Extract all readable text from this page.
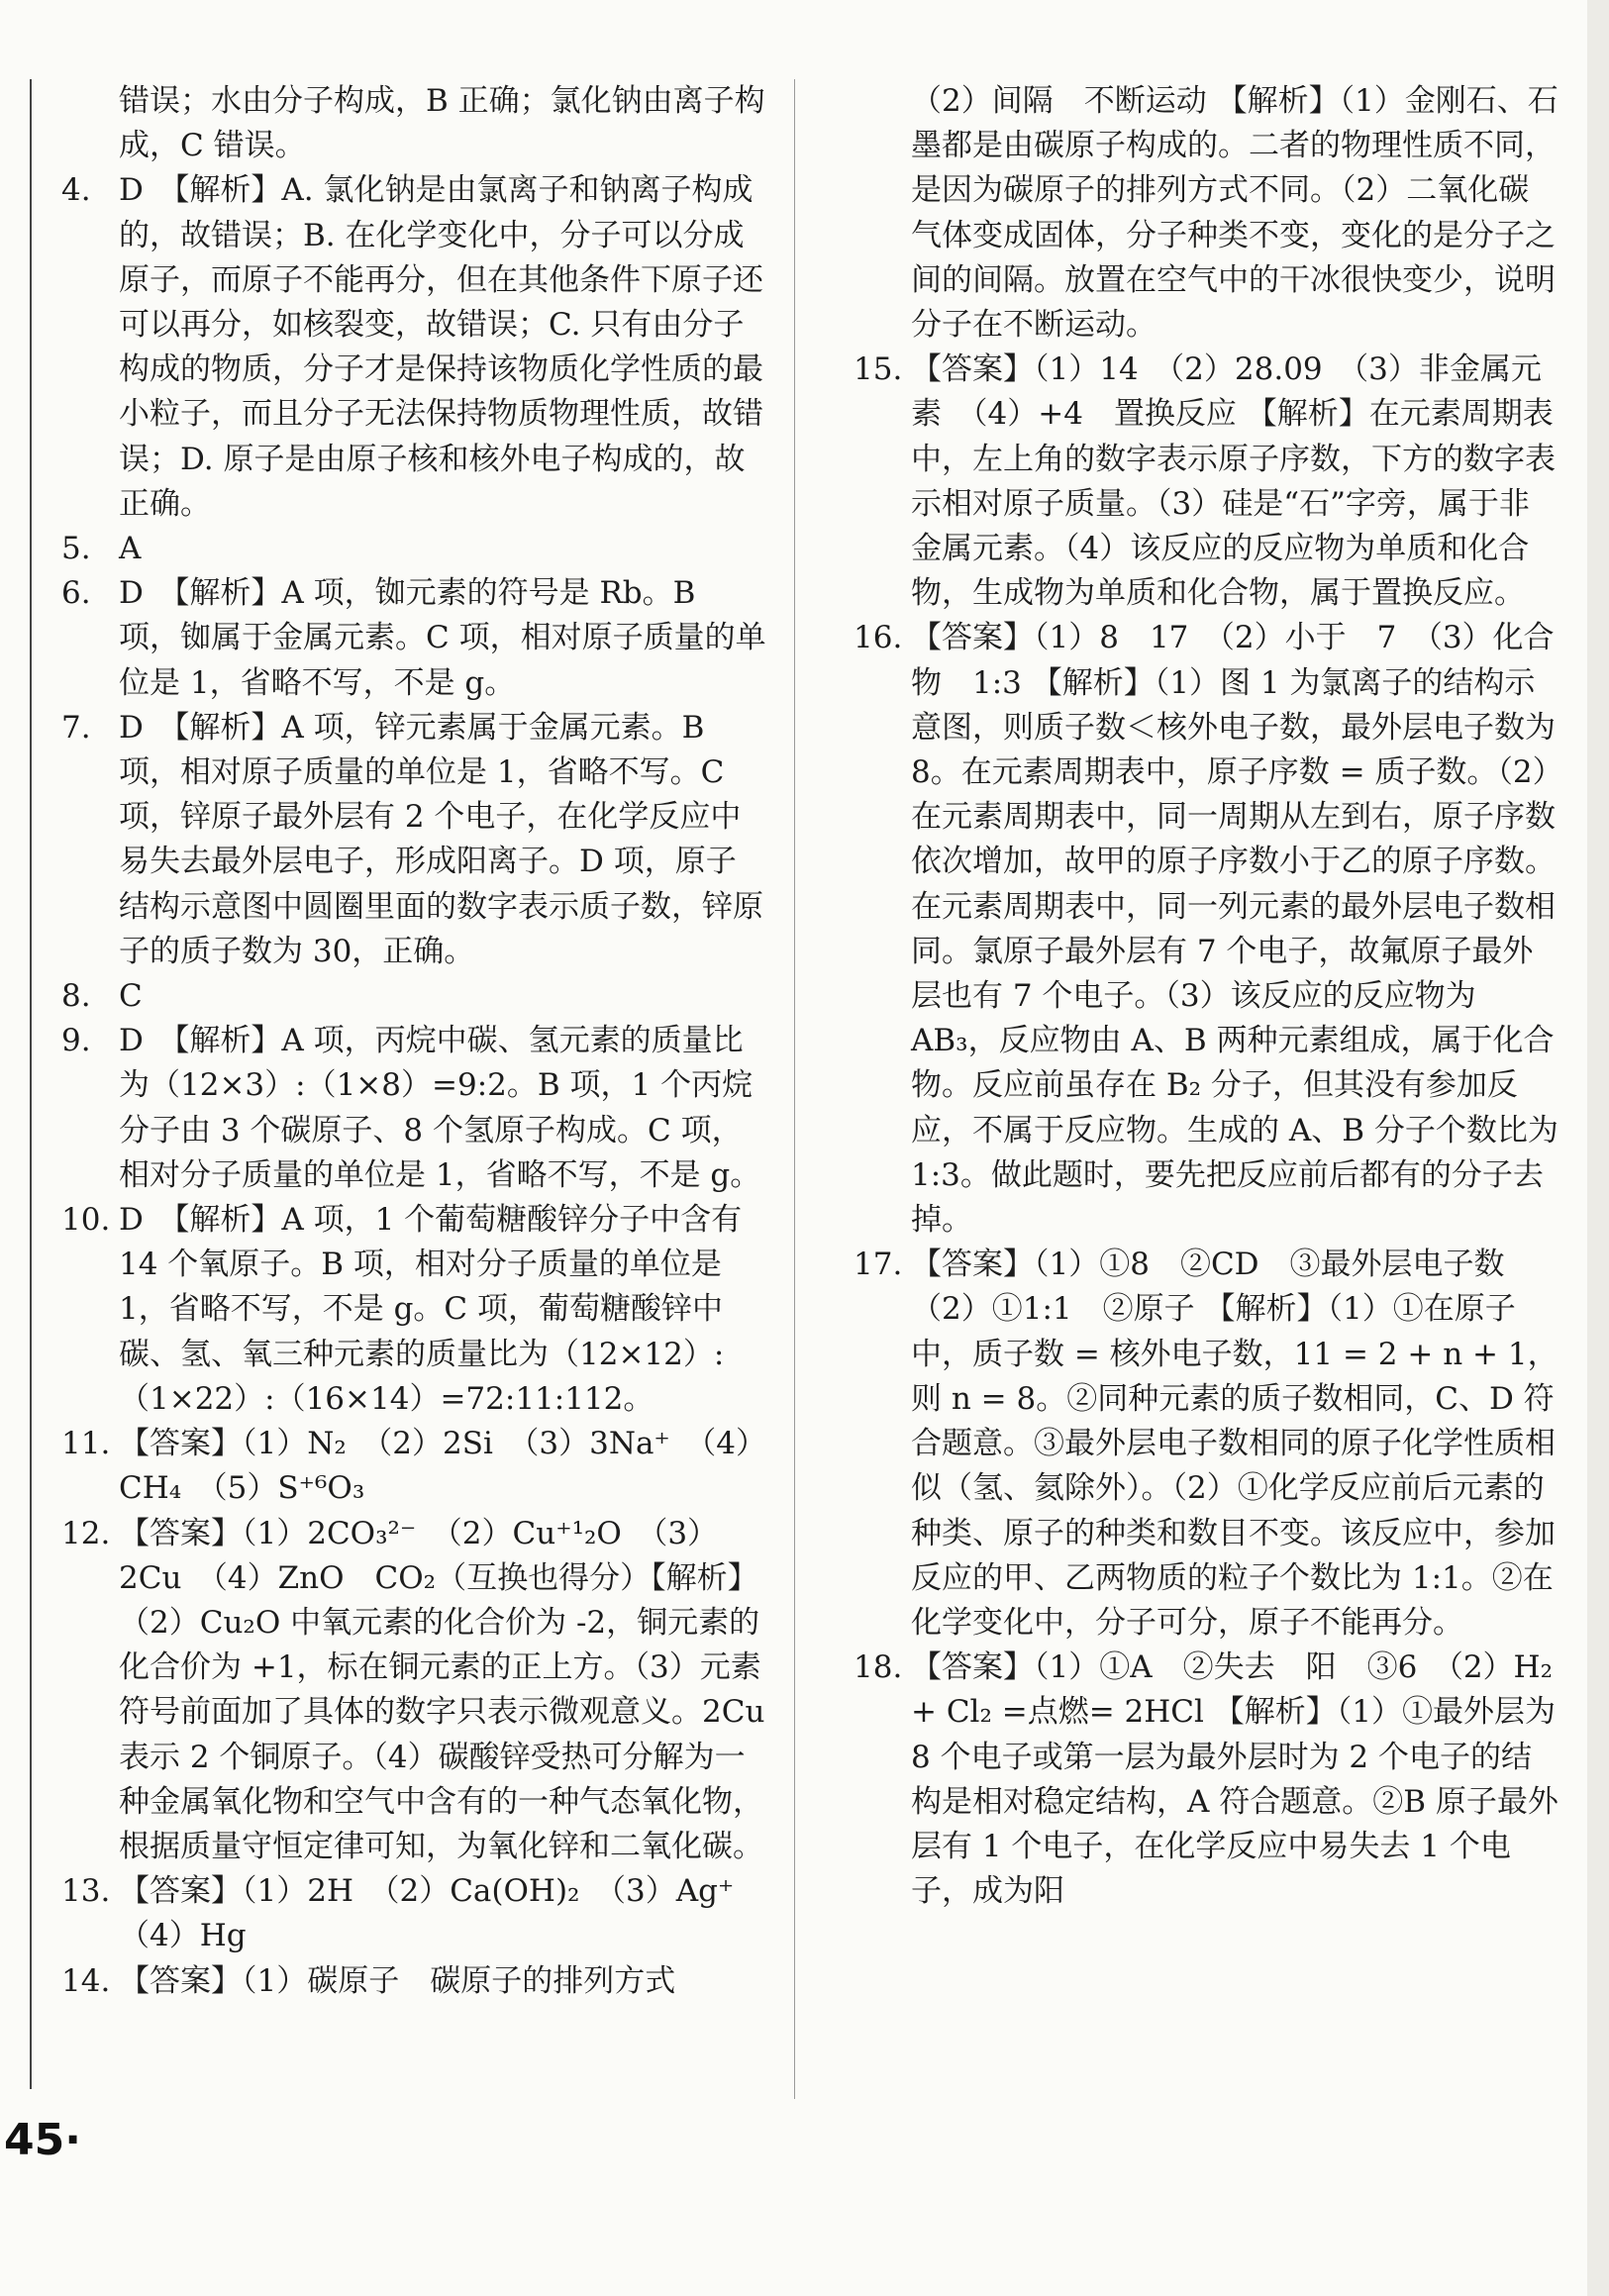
错误；水由分子构成，B 正确；氯化钠由离子构成，C 错误。

4. D　【解析】A. 氯化钠是由氯离子和钠离子构成的，故错误；B. 在化学变化中，分子可以分成原子，而原子不能再分，但在其他条件下原子还可以再分，如核裂变，故错误；C. 只有由分子构成的物质，分子才是保持该物质化学性质的最小粒子，而且分子无法保持物质物理性质，故错误；D. 原子是由原子核和核外电子构成的，故正确。

5. A

6. D　【解析】A 项，铷元素的符号是 Rb。B 项，铷属于金属元素。C 项，相对原子质量的单位是 1，省略不写，不是 g。

7. D　【解析】A 项，锌元素属于金属元素。B 项，相对原子质量的单位是 1，省略不写。C 项，锌原子最外层有 2 个电子，在化学反应中易失去最外层电子，形成阳离子。D 项，原子结构示意图中圆圈里面的数字表示质子数，锌原子的质子数为 30，正确。

8. C

9. D　【解析】A 项，丙烷中碳、氢元素的质量比为（12×3）:（1×8）=9:2。B 项，1 个丙烷分子由 3 个碳原子、8 个氢原子构成。C 项，相对分子质量的单位是 1，省略不写，不是 g。

10. D　【解析】A 项，1 个葡萄糖酸锌分子中含有 14 个氧原子。B 项，相对分子质量的单位是 1，省略不写，不是 g。C 项，葡萄糖酸锌中碳、氢、氧三种元素的质量比为（12×12）:（1×22）:（16×14）=72:11:112。

11. 【答案】（1）N₂　（2）2Si　（3）3Na⁺　（4）CH₄　（5）S⁺⁶O₃

12. 【答案】（1）2CO₃²⁻　（2）Cu⁺¹₂O　（3）2Cu　（4）ZnO　CO₂（互换也得分）【解析】（2）Cu₂O 中氧元素的化合价为 -2，铜元素的化合价为 +1，标在铜元素的正上方。（3）元素符号前面加了具体的数字只表示微观意义。2Cu 表示 2 个铜原子。（4）碳酸锌受热可分解为一种金属氧化物和空气中含有的一种气态氧化物，根据质量守恒定律可知，为氧化锌和二氧化碳。

13. 【答案】（1）2H　（2）Ca(OH)₂　（3）Ag⁺　（4）Hg

14. 【答案】（1）碳原子　碳原子的排列方式

（2）间隔　不断运动 【解析】（1）金刚石、石墨都是由碳原子构成的。二者的物理性质不同，是因为碳原子的排列方式不同。（2）二氧化碳气体变成固体，分子种类不变，变化的是分子之间的间隔。放置在空气中的干冰很快变少，说明分子在不断运动。

15. 【答案】（1）14　（2）28.09　（3）非金属元素　（4）+4　置换反应 【解析】在元素周期表中，左上角的数字表示原子序数，下方的数字表示相对原子质量。（3）硅是“石”字旁，属于非金属元素。（4）该反应的反应物为单质和化合物，生成物为单质和化合物，属于置换反应。

16. 【答案】（1）8　17　（2）小于　7　（3）化合物　1:3 【解析】（1）图 1 为氯离子的结构示意图，则质子数＜核外电子数，最外层电子数为 8。在元素周期表中，原子序数 = 质子数。（2）在元素周期表中，同一周期从左到右，原子序数依次增加，故甲的原子序数小于乙的原子序数。在元素周期表中，同一列元素的最外层电子数相同。氯原子最外层有 7 个电子，故氟原子最外层也有 7 个电子。（3）该反应的反应物为 AB₃，反应物由 A、B 两种元素组成，属于化合物。反应前虽存在 B₂ 分子，但其没有参加反应，不属于反应物。生成的 A、B 分子个数比为 1:3。做此题时，要先把反应前后都有的分子去掉。

17. 【答案】（1）①8　②CD　③最外层电子数　（2）①1:1　②原子 【解析】（1）①在原子中，质子数 = 核外电子数，11 = 2 + n + 1，则 n = 8。②同种元素的质子数相同，C、D 符合题意。③最外层电子数相同的原子化学性质相似（氢、氦除外）。（2）①化学反应前后元素的种类、原子的种类和数目不变。该反应中，参加反应的甲、乙两物质的粒子个数比为 1:1。②在化学变化中，分子可分，原子不能再分。

18. 【答案】（1）①A　②失去　阳　③6　（2）H₂ + Cl₂ =点燃= 2HCl 【解析】（1）①最外层为 8 个电子或第一层为最外层时为 2 个电子的结构是相对稳定结构，A 符合题意。②B 原子最外层有 1 个电子，在化学反应中易失去 1 个电子，成为阳

45·
